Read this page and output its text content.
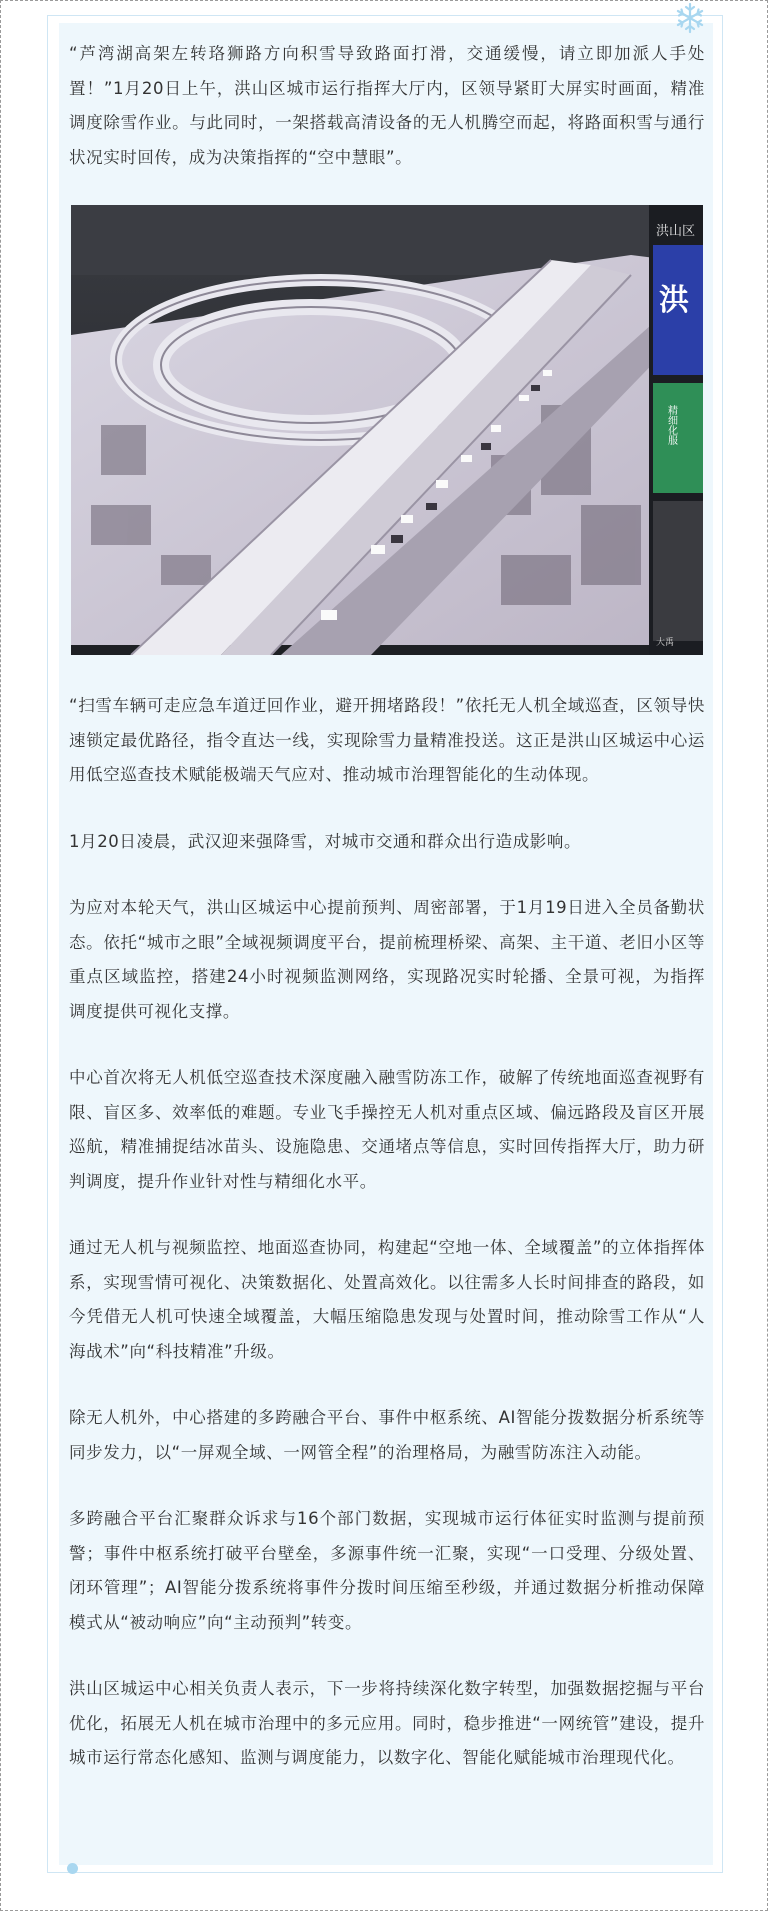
“芦湾湖高架左转珞狮路方向积雪导致路面打滑，交通缓慢，请立即加派人手处置！”1月20日上午，洪山区城市运行指挥大厅内，区领导紧盯大屏实时画面，精准调度除雪作业。与此同时，一架搭载高清设备的无人机腾空而起，将路面积雪与通行状况实时回传，成为决策指挥的“空中慧眼”。

洪山区
洪
精细化服
大禹

“扫雪车辆可走应急车道迂回作业，避开拥堵路段！”依托无人机全域巡查，区领导快速锁定最优路径，指令直达一线，实现除雪力量精准投送。这正是洪山区城运中心运用低空巡查技术赋能极端天气应对、推动城市治理智能化的生动体现。

1月20日凌晨，武汉迎来强降雪，对城市交通和群众出行造成影响。

为应对本轮天气，洪山区城运中心提前预判、周密部署，于1月19日进入全员备勤状态。依托“城市之眼”全域视频调度平台，提前梳理桥梁、高架、主干道、老旧小区等重点区域监控，搭建24小时视频监测网络，实现路况实时轮播、全景可视，为指挥调度提供可视化支撑。

中心首次将无人机低空巡查技术深度融入融雪防冻工作，破解了传统地面巡查视野有限、盲区多、效率低的难题。专业飞手操控无人机对重点区域、偏远路段及盲区开展巡航，精准捕捉结冰苗头、设施隐患、交通堵点等信息，实时回传指挥大厅，助力研判调度，提升作业针对性与精细化水平。

通过无人机与视频监控、地面巡查协同，构建起“空地一体、全域覆盖”的立体指挥体系，实现雪情可视化、决策数据化、处置高效化。以往需多人长时间排查的路段，如今凭借无人机可快速全域覆盖，大幅压缩隐患发现与处置时间，推动除雪工作从“人海战术”向“科技精准”升级。

除无人机外，中心搭建的多跨融合平台、事件中枢系统、AI智能分拨数据分析系统等同步发力，以“一屏观全域、一网管全程”的治理格局，为融雪防冻注入动能。

多跨融合平台汇聚群众诉求与16个部门数据，实现城市运行体征实时监测与提前预警；事件中枢系统打破平台壁垒，多源事件统一汇聚，实现“一口受理、分级处置、闭环管理”；AI智能分拨系统将事件分拨时间压缩至秒级，并通过数据分析推动保障模式从“被动响应”向“主动预判”转变。

洪山区城运中心相关负责人表示，下一步将持续深化数字转型，加强数据挖掘与平台优化，拓展无人机在城市治理中的多元应用。同时，稳步推进“一网统管”建设，提升城市运行常态化感知、监测与调度能力，以数字化、智能化赋能城市治理现代化。
